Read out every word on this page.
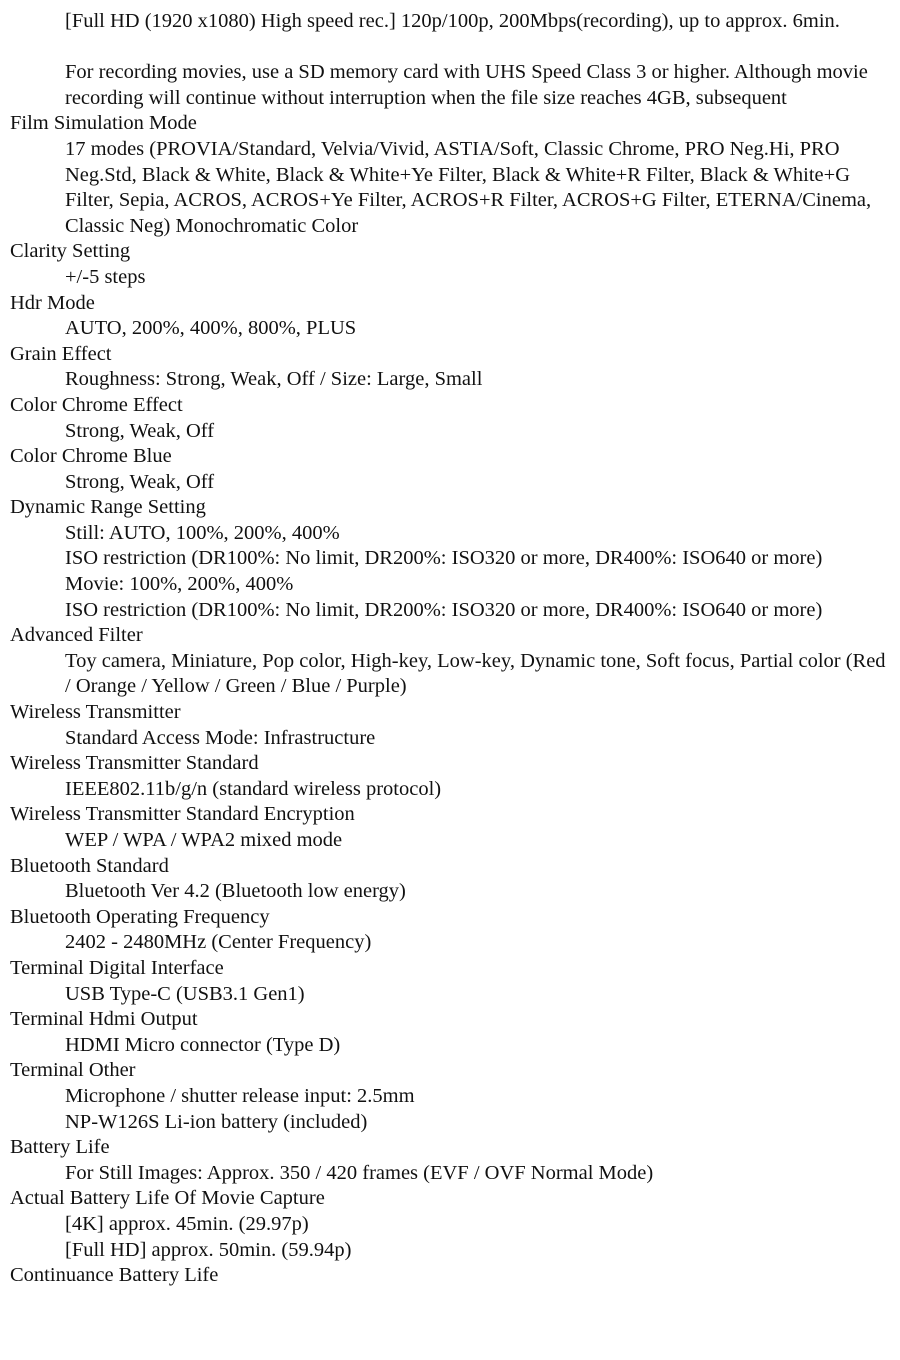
[Full HD (1920 x1080) High speed rec.] 120p/100p, 200Mbps(recording), up to approx. 6min.
For recording movies, use a SD memory card with UHS Speed Class 3 or higher. Although movie recording will continue without interruption when the file size reaches 4GB, subsequent
Film Simulation Mode
17 modes (PROVIA/Standard, Velvia/Vivid, ASTIA/Soft, Classic Chrome, PRO Neg.Hi, PRO Neg.Std, Black & White, Black & White+Ye Filter, Black & White+R Filter, Black & White+G Filter, Sepia, ACROS, ACROS+Ye Filter, ACROS+R Filter, ACROS+G Filter, ETERNA/Cinema, Classic Neg) Monochromatic Color
Clarity Setting
+/-5 steps
Hdr Mode
AUTO, 200%, 400%, 800%, PLUS
Grain Effect
Roughness: Strong, Weak, Off / Size: Large, Small
Color Chrome Effect
Strong, Weak, Off
Color Chrome Blue
Strong, Weak, Off
Dynamic Range Setting
Still: AUTO, 100%, 200%, 400%
ISO restriction (DR100%: No limit, DR200%: ISO320 or more, DR400%: ISO640 or more)
Movie: 100%, 200%, 400%
ISO restriction (DR100%: No limit, DR200%: ISO320 or more, DR400%: ISO640 or more)
Advanced Filter
Toy camera, Miniature, Pop color, High-key, Low-key, Dynamic tone, Soft focus, Partial color (Red / Orange / Yellow / Green / Blue / Purple)
Wireless Transmitter
Standard Access Mode: Infrastructure
Wireless Transmitter Standard
IEEE802.11b/g/n (standard wireless protocol)
Wireless Transmitter Standard Encryption
WEP / WPA / WPA2 mixed mode
Bluetooth Standard
Bluetooth Ver 4.2 (Bluetooth low energy)
Bluetooth Operating Frequency
2402 - 2480MHz (Center Frequency)
Terminal Digital Interface
USB Type-C (USB3.1 Gen1)
Terminal Hdmi Output
HDMI Micro connector (Type D)
Terminal Other
Microphone / shutter release input: 2.5mm
NP-W126S Li-ion battery (included)
Battery Life
For Still Images: Approx. 350 / 420 frames (EVF / OVF Normal Mode)
Actual Battery Life Of Movie Capture
[4K] approx. 45min. (29.97p)
[Full HD] approx. 50min. (59.94p)
Continuance Battery Life
